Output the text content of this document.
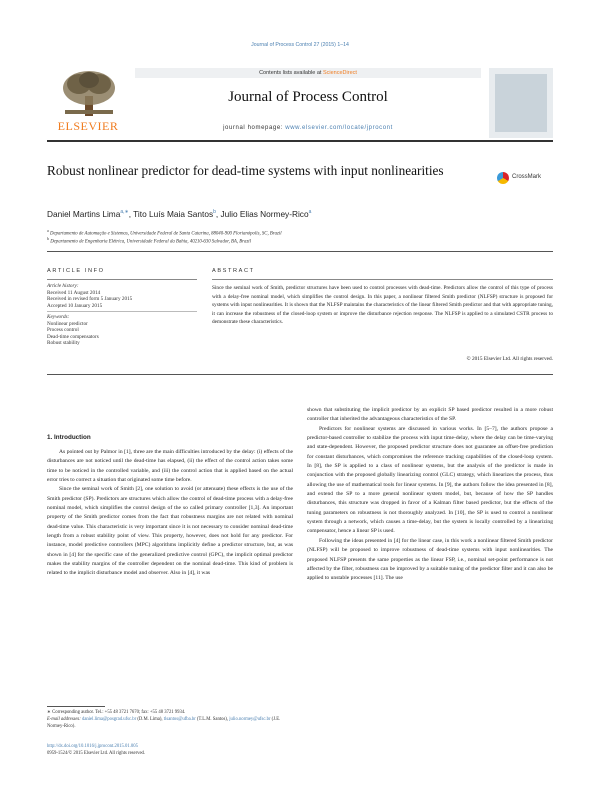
Journal of Process Control 27 (2015) 1–14
ELSEVIER
Contents lists available at ScienceDirect
Journal of Process Control
journal homepage: www.elsevier.com/locate/jprocont
Robust nonlinear predictor for dead-time systems with input nonlinearities	CrossMark
Daniel Martins Lima$^{a,∗}$, Tito Luís Maia Santos$^b$, Julio Elias Normey-Rico$^a$
$^a$ Departamento de Automação e Sistemas, Universidade Federal de Santa Catarina, 88040-900 Florianópolis, SC, Brazil
$^b$ Departamento de Engenharia Elétrica, Universidade Federal da Bahia, 40210-630 Salvador, BA, Brazil
ARTICLE INFO
Article history:
Received 11 August 2014
Received in revised form 5 January 2015
Accepted 10 January 2015
Keywords:
Nonlinear predictor
Process control
Dead-time compensators
Robust stability
ABSTRACT
Since the seminal work of Smith, predictor structures have been used to control processes with dead-time. Predictors allow the control of this type of process with a delay-free nominal model, which simplifies the control design. In this paper, a nonlinear filtered Smith predictor (NLFSP) structure is proposed for systems with input nonlinearities. It is shown that the NLFSP maintains the characteristics of the linear filtered Smith predictor and that with appropriate tuning, it can increase the robustness of the closed-loop system or improve the disturbance rejection response. The NLFSP is applied to a simulated CSTR process to demonstrate these characteristics.
© 2015 Elsevier Ltd. All rights reserved.
1. Introduction

As pointed out by Palmor in [1], three are the main difficulties introduced by the delay: (i) effects of the disturbances are not noticed until the dead-time has elapsed, (ii) the effect of the control action takes some time to be noticed in the controlled variable, and (iii) the control action that is applied based on the actual error tries to correct a situation that originated some time before.

Since the seminal work of Smith [2], one solution to avoid (or attenuate) these effects is the use of the Smith predictor (SP). Predictors are structures which allow the control of dead-time process with a delay-free nominal model, which simplifies the control design of the so called primary controller [1,3]. An important property of the Smith predictor comes from the fact that robustness margins are not related with nominal dead-time value. This characteristic is very important since it is not necessary to consider nominal dead-time length from a robust stability point of view. This property, however, does not hold for any predictor. For instance, model predictive controllers (MPC) algorithms implicitly define a predictor structure, but, as was shown in [4] for the specific case of the generalized predictive control (GPC), the implicit optimal predictor makes the stability margins of the controller dependent on the nominal dead-time. This kind of problem is related to the implicit disturbance model and observer. Also in [4], it was

shown that substituting the implicit predictor by an explicit SP based predictor resulted in a more robust controller that inherited the advantageous characteristics of the SP.

Predictors for nonlinear systems are discussed in various works. In [5–7], the authors propose a predictor-based controller to stabilize the process with input time-delay, where the delay can be time-varying and state-dependent. However, the proposed predictor structure does not guarantee an offset-free prediction for constant disturbances, which compromises the reference tracking capabilities of the closed-loop system. In [8], the SP is applied to a class of nonlinear systems, but the analysis of the predictor is made in conjunction with the proposed globally linearizing control (GLC) strategy, which linearizes the process, thus allowing the use of mathematical tools for linear systems. In [9], the authors follow the idea presented in [8], and extend the SP to a more general nonlinear system model, but, because of how the SP handles disturbances, this structure was dropped in favor of a Kalman filter based predictor, but the effects of the tuning parameters on robustness is not thoroughly analyzed. In [10], the SP is used to control a nonlinear system through a network, which causes a time-delay, but the system is locally controlled by a linearizing compensator, hence a linear SP is used.

Following the ideas presented in [4] for the linear case, in this work a nonlinear filtered Smith predictor (NLFSP) will be proposed to improve robustness of dead-time systems with input nonlinearities. The proposed NLFSP presents the same properties as the linear FSP, i.e., nominal set-point performance is not affected by the filter, robustness can be improved by a suitable tuning of the predictor filter and it can also be applied to unstable processes [11]. The use

∗ Corresponding author. Tel.: +55 48 3721 7670; fax: +55 48 3721 9934.
E-mail addresses: daniel.lima@posgrad.ufsc.br (D.M. Lima), tlsantos@ufba.br (T.L.M. Santos), julio.normey@ufsc.br (J.E. Normey-Rico).
http://dx.doi.org/10.1016/j.jprocont.2015.01.005
0959-1524/© 2015 Elsevier Ltd. All rights reserved.
